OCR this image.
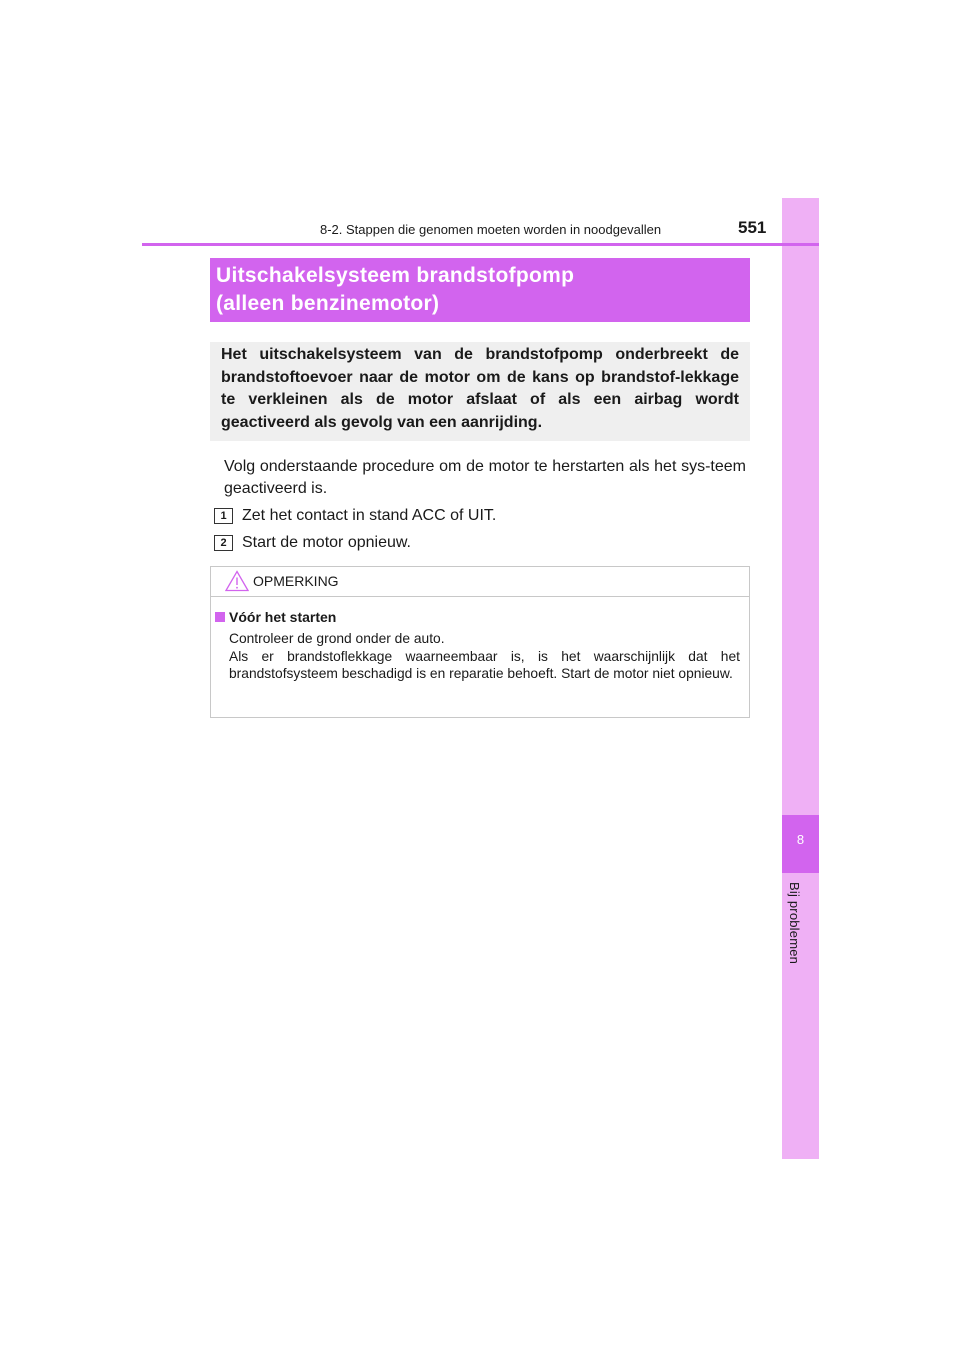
8
Bij problemen
8-2. Stappen die genomen moeten worden in noodgevallen	551
Uitschakelsysteem brandstofpomp
(alleen benzinemotor)

Het uitschakelsysteem van de brandstofpomp onderbreekt de brandstoftoevoer naar de motor om de kans op brandstof-lekkage te verkleinen als de motor afslaat of als een airbag wordt geactiveerd als gevolg van een aanrijding.

Volg onderstaande procedure om de motor te herstarten als het sys-teem geactiveerd is.

1 Zet het contact in stand ACC of UIT.
2 Start de motor opnieuw.
OPMERKING
Vóór het starten
Controleer de grond onder de auto.
Als er brandstoflekkage waarneembaar is, is het waarschijnlijk dat het brandstofsysteem beschadigd is en reparatie behoeft. Start de motor niet opnieuw.
